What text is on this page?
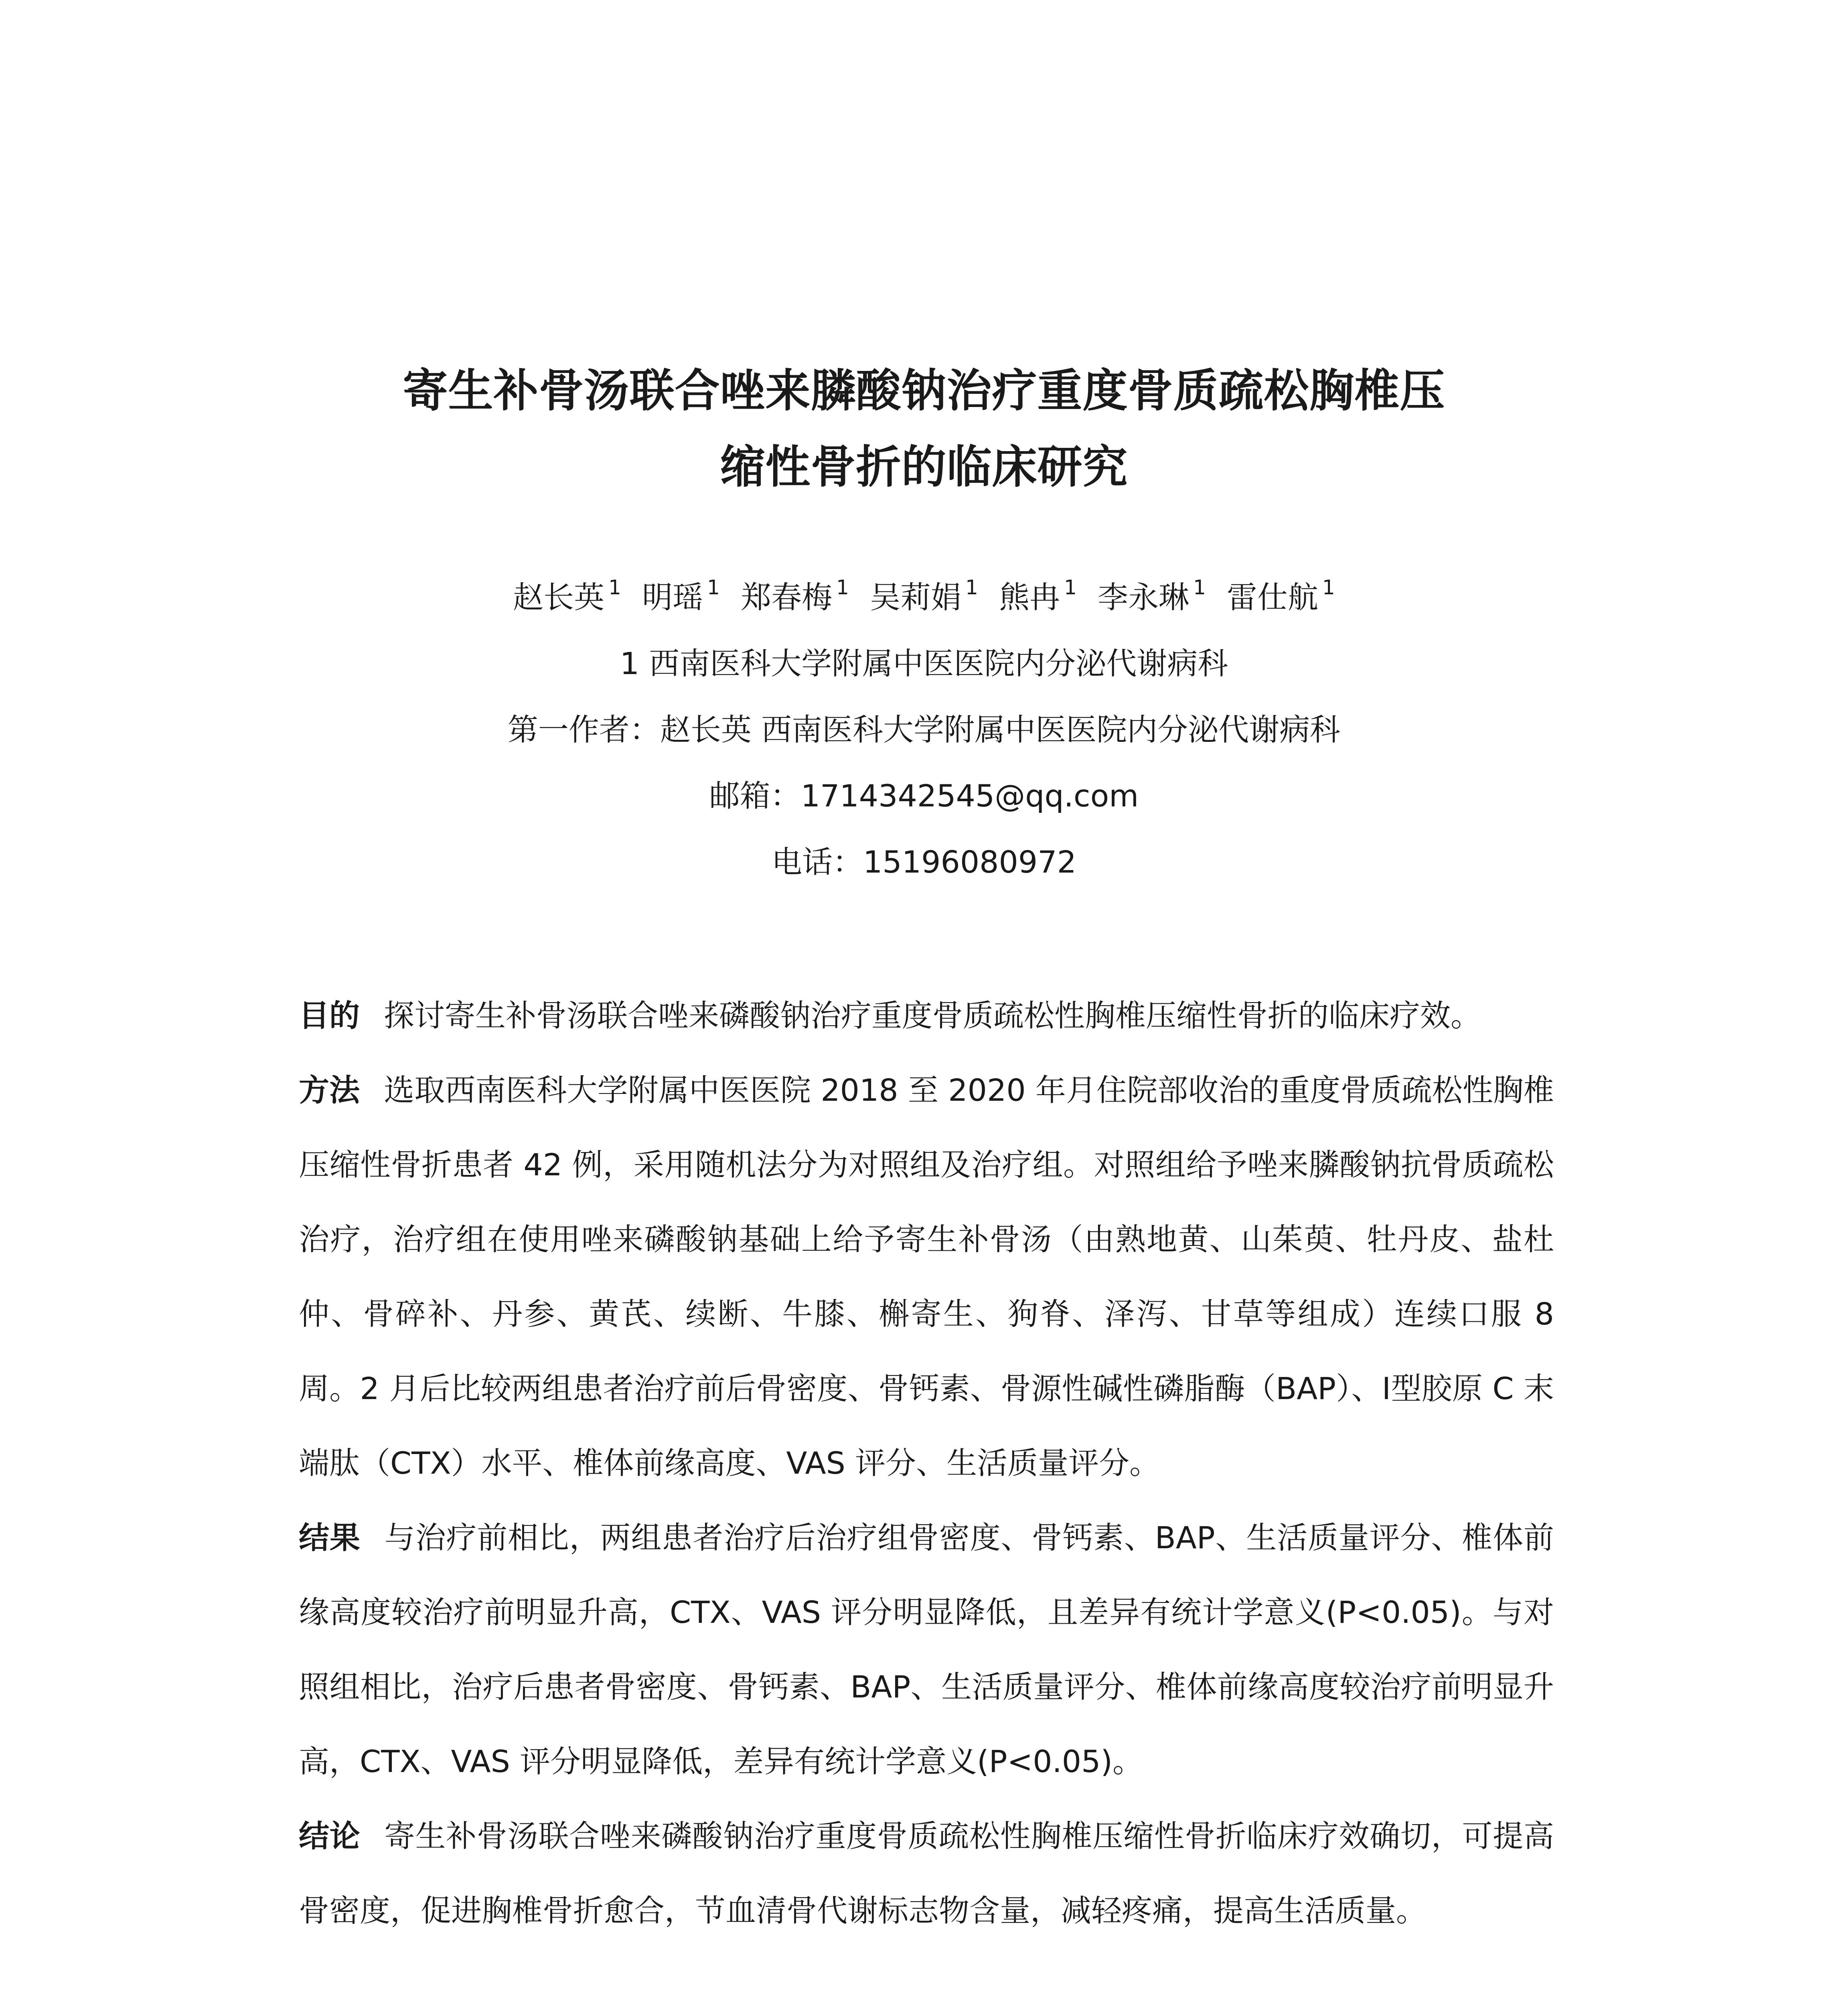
寄生补骨汤联合唑来膦酸钠治疗重度骨质疏松胸椎压
缩性骨折的临床研究
赵长英 $^1$ 明瑶 $^1$ 郑春梅 $^1$ 吴莉娟 $^1$ 熊冉 $^1$ 李永琳 $^1$ 雷仕航 $^1$
1 西南医科大学附属中医医院内分泌代谢病科
第一作者：赵长英 西南医科大学附属中医医院内分泌代谢病科
邮箱：1714342545@qq.com
电话：15196080972

目的 探讨寄生补骨汤联合唑来磷酸钠治疗重度骨质疏松性胸椎压缩性骨折的临床疗效。

方法 选取西南医科大学附属中医医院 2018 至 2020 年月住院部收治的重度骨质疏松性胸椎压缩性骨折患者 42 例，采用随机法分为对照组及治疗组。对照组给予唑来膦酸钠抗骨质疏松治疗，治疗组在使用唑来磷酸钠基础上给予寄生补骨汤（由熟地黄、山茱萸、牡丹皮、盐杜仲、骨碎补、丹参、黄芪、续断、牛膝、槲寄生、狗脊、泽泻、甘草等组成）连续口服 8 周。2 月后比较两组患者治疗前后骨密度、骨钙素、骨源性碱性磷脂酶（BAP）、Ⅰ型胶原 C 末端肽（CTX）水平、椎体前缘高度、VAS 评分、生活质量评分。

结果 与治疗前相比，两组患者治疗后治疗组骨密度、骨钙素、BAP、生活质量评分、椎体前缘高度较治疗前明显升高，CTX、VAS 评分明显降低，且差异有统计学意义(P<0.05)。与对照组相比，治疗后患者骨密度、骨钙素、BAP、生活质量评分、椎体前缘高度较治疗前明显升高，CTX、VAS 评分明显降低，差异有统计学意义(P<0.05)。

结论 寄生补骨汤联合唑来磷酸钠治疗重度骨质疏松性胸椎压缩性骨折临床疗效确切，可提高骨密度，促进胸椎骨折愈合，节血清骨代谢标志物含量，减轻疼痛，提高生活质量。
